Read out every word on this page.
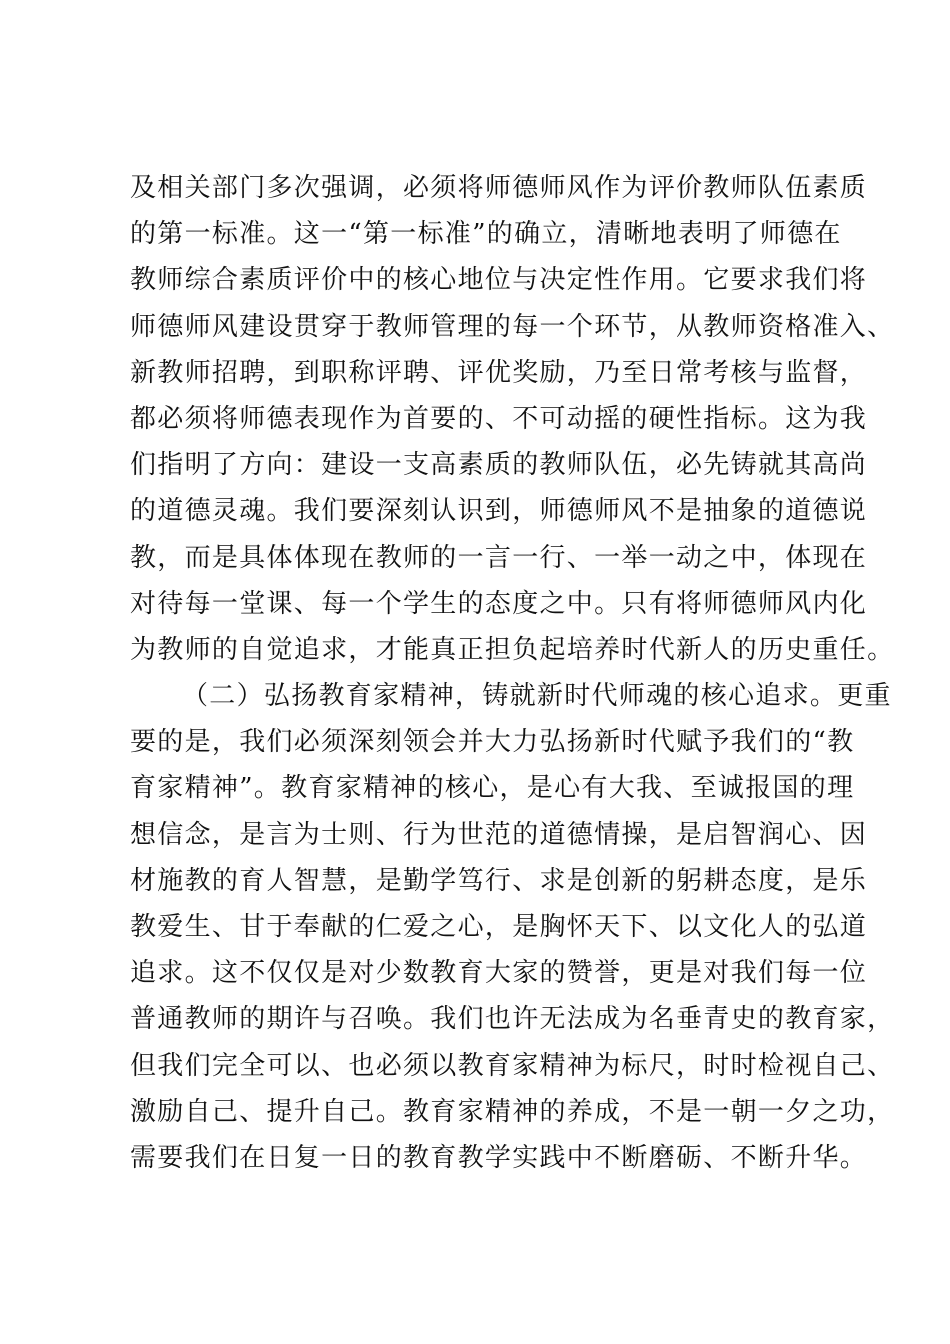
及相关部门多次强调，必须将师德师风作为评价教师队伍素质
的第一标准。这一“第一标准”的确立，清晰地表明了师德在
教师综合素质评价中的核心地位与决定性作用。它要求我们将
师德师风建设贯穿于教师管理的每一个环节，从教师资格准入、
新教师招聘，到职称评聘、评优奖励，乃至日常考核与监督，
都必须将师德表现作为首要的、不可动摇的硬性指标。这为我
们指明了方向：建设一支高素质的教师队伍，必先铸就其高尚
的道德灵魂。我们要深刻认识到，师德师风不是抽象的道德说
教，而是具体体现在教师的一言一行、一举一动之中，体现在
对待每一堂课、每一个学生的态度之中。只有将师德师风内化
为教师的自觉追求，才能真正担负起培养时代新人的历史重任。
（二）弘扬教育家精神，铸就新时代师魂的核心追求。更重
要的是，我们必须深刻领会并大力弘扬新时代赋予我们的“教
育家精神”。教育家精神的核心，是心有大我、至诚报国的理
想信念，是言为士则、行为世范的道德情操，是启智润心、因
材施教的育人智慧，是勤学笃行、求是创新的躬耕态度，是乐
教爱生、甘于奉献的仁爱之心，是胸怀天下、以文化人的弘道
追求。这不仅仅是对少数教育大家的赞誉，更是对我们每一位
普通教师的期许与召唤。我们也许无法成为名垂青史的教育家，
但我们完全可以、也必须以教育家精神为标尺，时时检视自己、
激励自己、提升自己。教育家精神的养成，不是一朝一夕之功，
需要我们在日复一日的教育教学实践中不断磨砺、不断升华。
